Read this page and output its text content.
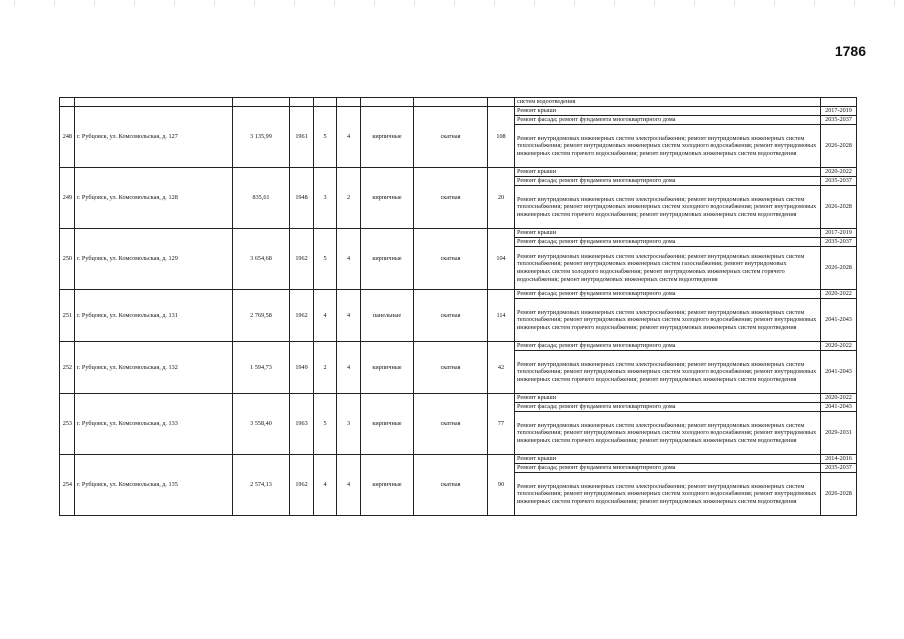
1786
									систем водоотведения	
248	г. Рубцовск, ул. Комсомольская, д. 127	3 135,99	1961	5	4	кирпичные	скатная	108	Ремонт крыши	2017-2019
									Ремонт фасада; ремонт фундамента многоквартирного дома	2035-2037
									Ремонт внутридомовых инженерных систем электроснабжения; ремонт внутридомовых инженерных систем теплоснабжения; ремонт внутридомовых инженерных систем холодного водоснабжения; ремонт внутридомовых инженерных систем горячего водоснабжения; ремонт внутридомовых инженерных систем водоотведения	2026-2028
249	г. Рубцовск, ул. Комсомольская, д. 128	835,61	1948	3	2	кирпичные	скатная	20	Ремонт крыши	2020-2022
									Ремонт фасада; ремонт фундамента многоквартирного дома	2035-2037
									Ремонт внутридомовых инженерных систем электроснабжения; ремонт внутридомовых инженерных систем теплоснабжения; ремонт внутридомовых инженерных систем холодного водоснабжения; ремонт внутридомовых инженерных систем горячего водоснабжения; ремонт внутридомовых инженерных систем водоотведения	2026-2028
250	г. Рубцовск, ул. Комсомольская, д. 129	3 654,68	1962	5	4	кирпичные	скатная	104	Ремонт крыши	2017-2019
									Ремонт фасада; ремонт фундамента многоквартирного дома	2035-2037
									Ремонт внутридомовых инженерных систем электроснабжения; ремонт внутридомовых инженерных систем теплоснабжения; ремонт внутридомовых инженерных систем газоснабжения; ремонт внутридомовых инженерных систем холодного водоснабжения; ремонт внутридомовых инженерных систем горячего водоснабжения; ремонт внутридомовых инженерных систем водоотведения	2026-2028
251	г. Рубцовск, ул. Комсомольская, д. 131	2 769,58	1962	4	4	панельные	скатная	114	Ремонт фасада; ремонт фундамента многоквартирного дома	2020-2022
									Ремонт внутридомовых инженерных систем электроснабжения; ремонт внутридомовых инженерных систем теплоснабжения; ремонт внутридомовых инженерных систем холодного водоснабжения; ремонт внутридомовых инженерных систем горячего водоснабжения; ремонт внутридомовых инженерных систем водоотведения	2041-2043
252	г. Рубцовск, ул. Комсомольская, д. 132	1 594,73	1949	2	4	кирпичные	скатная	42	Ремонт фасада; ремонт фундамента многоквартирного дома	2020-2022
									Ремонт внутридомовых инженерных систем электроснабжения; ремонт внутридомовых инженерных систем теплоснабжения; ремонт внутридомовых инженерных систем холодного водоснабжения; ремонт внутридомовых инженерных систем горячего водоснабжения; ремонт внутридомовых инженерных систем водоотведения	2041-2043
253	г. Рубцовск, ул. Комсомольская, д. 133	3 558,40	1963	5	3	кирпичные	скатная	77	Ремонт крыши	2020-2022
									Ремонт фасада; ремонт фундамента многоквартирного дома	2041-2043
									Ремонт внутридомовых инженерных систем электроснабжения; ремонт внутридомовых инженерных систем теплоснабжения; ремонт внутридомовых инженерных систем холодного водоснабжения; ремонт внутридомовых инженерных систем горячего водоснабжения; ремонт внутридомовых инженерных систем водоотведения	2029-2031
254	г. Рубцовск, ул. Комсомольская, д. 135	2 574,13	1962	4	4	кирпичные	скатная	90	Ремонт крыши	2014-2016
									Ремонт фасада; ремонт фундамента многоквартирного дома	2035-2037
									Ремонт внутридомовых инженерных систем электроснабжения; ремонт внутридомовых инженерных систем теплоснабжения; ремонт внутридомовых инженерных систем холодного водоснабжения; ремонт внутридомовых инженерных систем горячего водоснабжения; ремонт внутридомовых инженерных систем водоотведения	2026-2028
